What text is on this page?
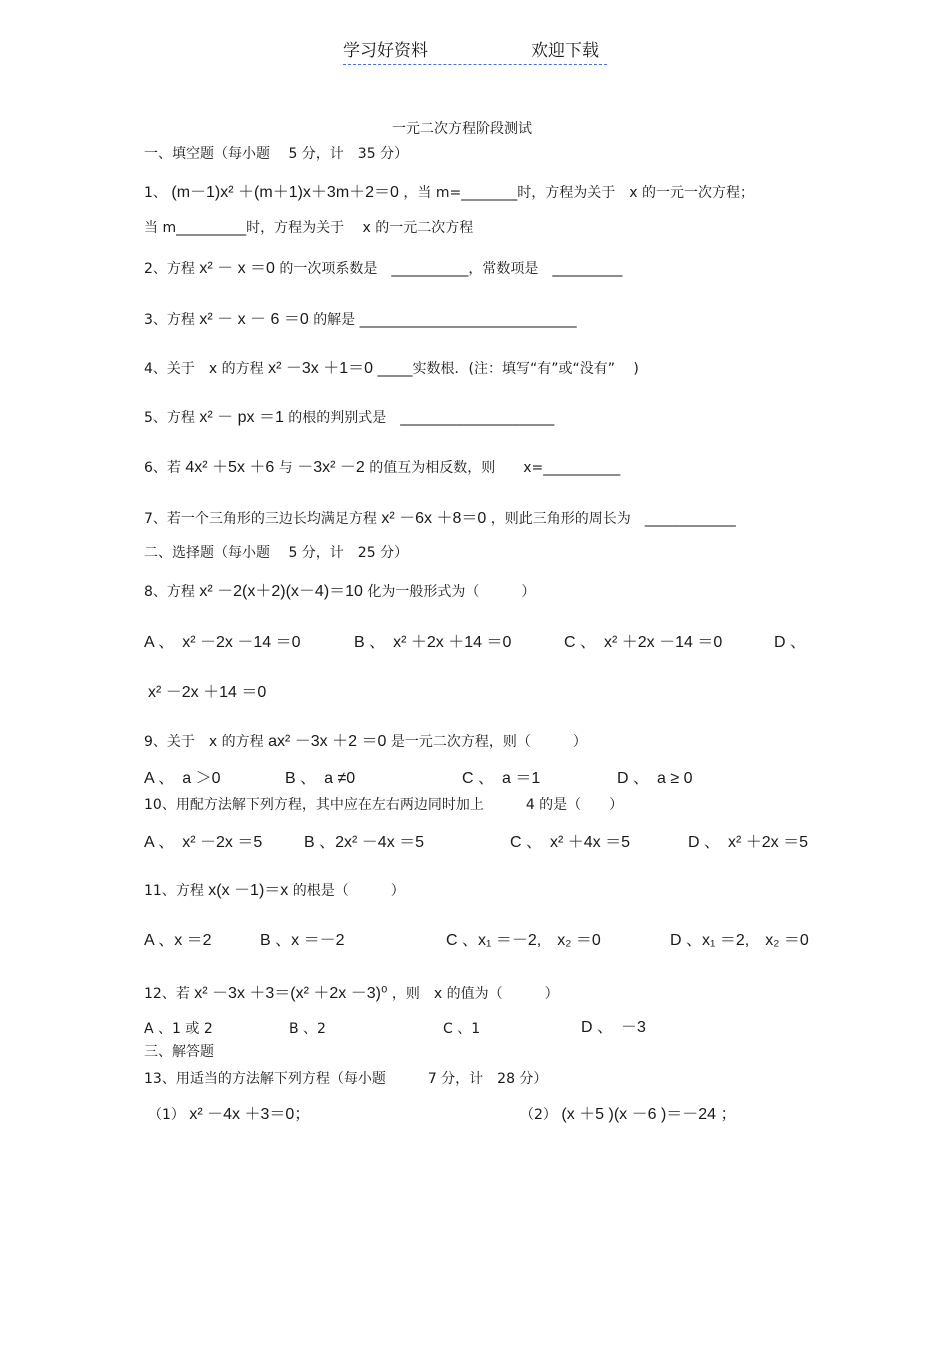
学习好资料	欢迎下载
一元二次方程阶段测试
一、填空题（每小题　 5 分，计　35 分）
1、 (m－1)x² ＋(m＋1)x＋3m＋2＝0 ，当 m=________时，方程为关于　x 的一元一次方程；
当 m__________时，方程为关于　 x 的一元二次方程
2、方程 x² － x ＝0 的一次项系数是　___________，常数项是　__________
3、方程 x² － x － 6 ＝0 的解是 _______________________________
4、关于　x 的方程 x² －3x ＋1＝0 _____实数根．(注：填写“有”或“没有”　 )
5、方程 x² － px ＝1 的根的判别式是　______________________
6、若 4x² ＋5x ＋6 与 －3x² －2 的值互为相反数，则　　x=___________
7、若一个三角形的三边长均满足方程 x² －6x ＋8＝0 ，则此三角形的周长为　_____________
二、选择题（每小题　 5 分，计　25 分）
8、方程 x² －2(x＋2)(x－4)＝10 化为一般形式为（　　　）
A 、　x² －2x －14 ＝0	B 、　x² ＋2x ＋14 ＝0	C 、　x² ＋2x －14 ＝0	D 、
x² －2x ＋14 ＝0
9、关于　x 的方程 ax² －3x ＋2 ＝0 是一元二次方程，则（　　　）
A 、　a ＞0	B 、　a ≠0	C 、　a ＝1	D 、　a ≥ 0
10、用配方法解下列方程，其中应在左右两边同时加上　　　4 的是（　　）
A 、　x² －2x ＝5	B 、2x² －4x ＝5	C 、　x² ＋4x ＝5	D 、　x² ＋2x ＝5
11、方程 x(x －1)＝x 的根是（　　　）
A 、x ＝2	B 、x ＝－2	C 、x₁ ＝－2,　x₂ ＝0	D 、x₁ ＝2,　x₂ ＝0
12、若 x² －3x ＋3＝(x² ＋2x －3)⁰ ，则　x 的值为（　　　）
A 、1 或 2	B 、2	C 、1	D 、　－3
三、解答题
13、用适当的方法解下列方程（每小题　　　7 分，计　28 分）
（1） x² －4x ＋3＝0；	（2） (x ＋5 )(x －6 )＝－24 ；
